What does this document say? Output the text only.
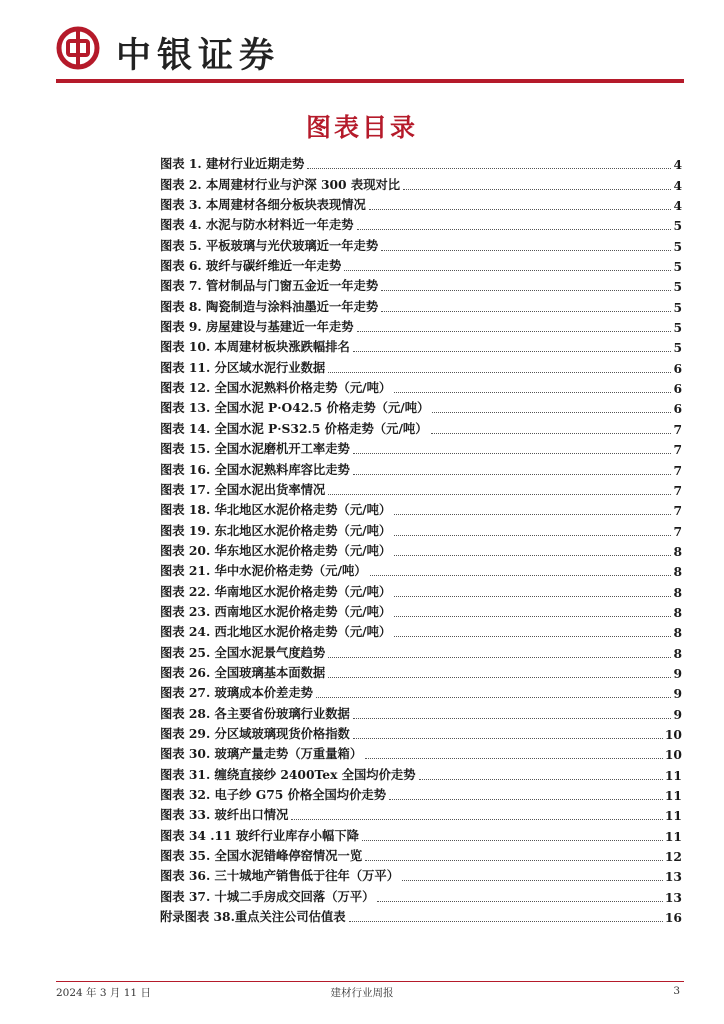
中银证券
图表目录
图表 1. 建材行业近期走势	4
图表 2. 本周建材行业与沪深 300 表现对比	4
图表 3. 本周建材各细分板块表现情况	4
图表 4. 水泥与防水材料近一年走势	5
图表 5. 平板玻璃与光伏玻璃近一年走势	5
图表 6. 玻纤与碳纤维近一年走势	5
图表 7. 管材制品与门窗五金近一年走势	5
图表 8. 陶瓷制造与涂料油墨近一年走势	5
图表 9. 房屋建设与基建近一年走势	5
图表 10. 本周建材板块涨跌幅排名	5
图表 11. 分区域水泥行业数据	6
图表 12. 全国水泥熟料价格走势（元/吨）	6
图表 13. 全国水泥 P·O42.5 价格走势（元/吨）	6
图表 14. 全国水泥 P·S32.5 价格走势（元/吨）	7
图表 15. 全国水泥磨机开工率走势	7
图表 16. 全国水泥熟料库容比走势	7
图表 17. 全国水泥出货率情况	7
图表 18. 华北地区水泥价格走势（元/吨）	7
图表 19. 东北地区水泥价格走势（元/吨）	7
图表 20. 华东地区水泥价格走势（元/吨）	8
图表 21. 华中水泥价格走势（元/吨）	8
图表 22. 华南地区水泥价格走势（元/吨）	8
图表 23. 西南地区水泥价格走势（元/吨）	8
图表 24. 西北地区水泥价格走势（元/吨）	8
图表 25. 全国水泥景气度趋势	8
图表 26. 全国玻璃基本面数据	9
图表 27. 玻璃成本价差走势	9
图表 28. 各主要省份玻璃行业数据	9
图表 29. 分区域玻璃现货价格指数	10
图表 30. 玻璃产量走势（万重量箱）	10
图表 31. 缠绕直接纱 2400Tex 全国均价走势	11
图表 32. 电子纱 G75 价格全国均价走势	11
图表 33. 玻纤出口情况	11
图表 34 .11 玻纤行业库存小幅下降	11
图表 35. 全国水泥错峰停窑情况一览	12
图表 36. 三十城地产销售低于往年（万平）	13
图表 37. 十城二手房成交回落（万平）	13
附录图表 38.重点关注公司估值表	16
2024 年 3 月 11 日	建材行业周报	3
